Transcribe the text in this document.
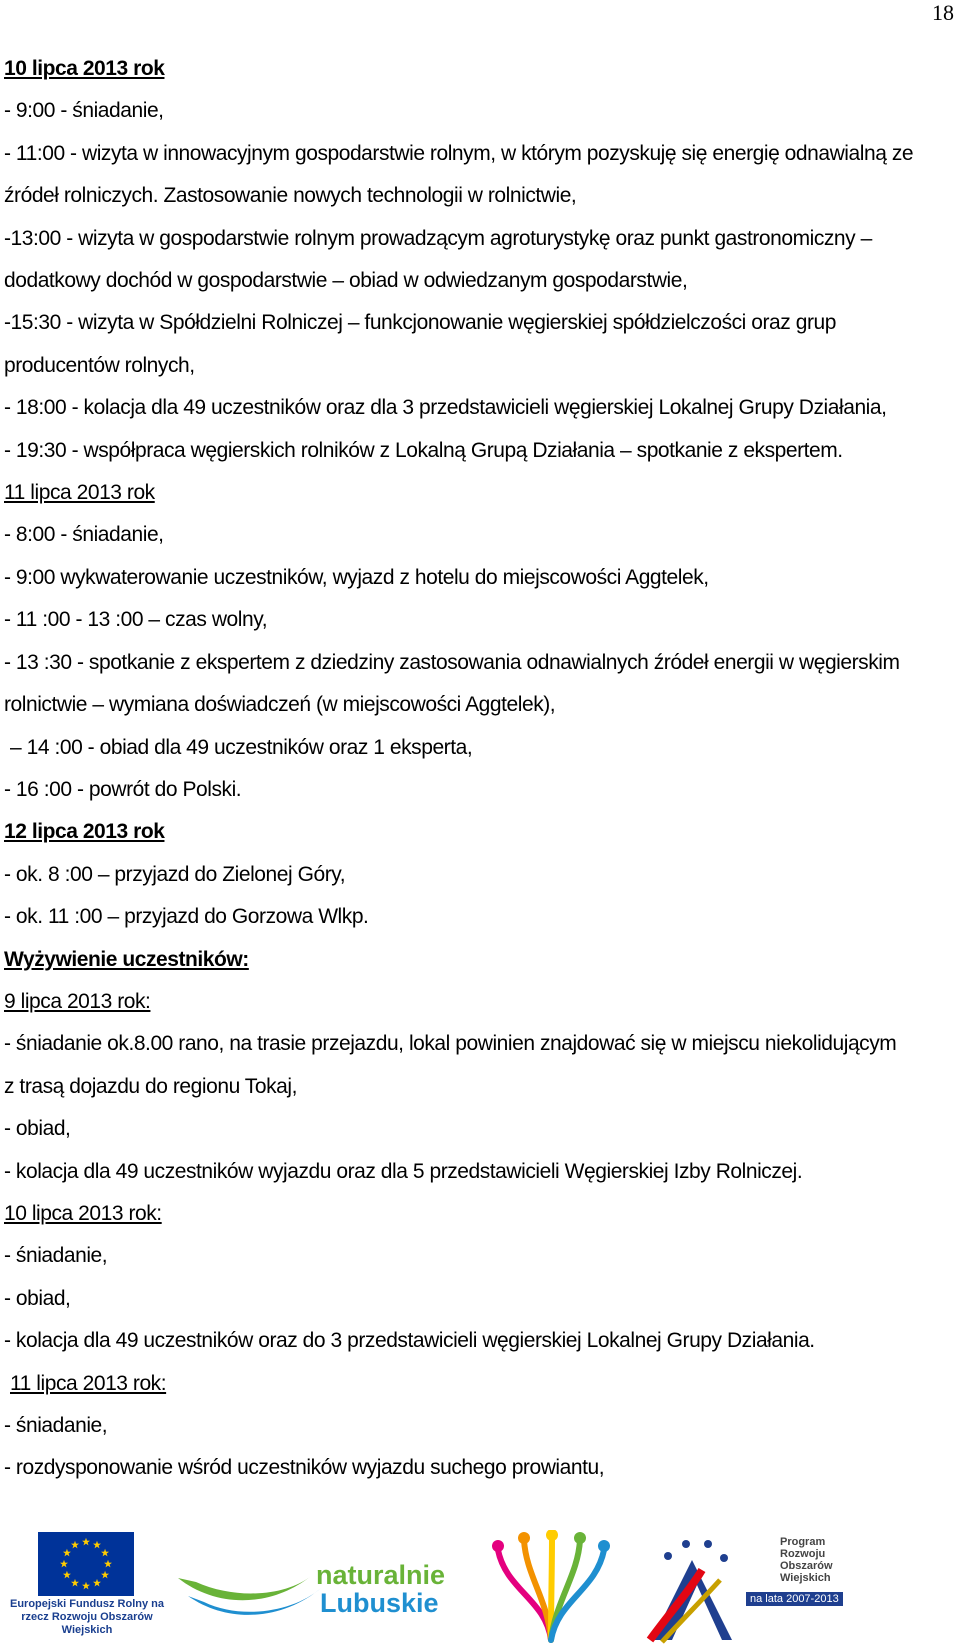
18

10 lipca 2013 rok

- 9:00 - śniadanie,

- 11:00 - wizyta w innowacyjnym gospodarstwie rolnym, w którym pozyskuję się energię odnawialną ze

źródeł rolniczych. Zastosowanie nowych technologii w rolnictwie,

-13:00 - wizyta w gospodarstwie rolnym prowadzącym agroturystykę oraz punkt gastronomiczny –

dodatkowy dochód w gospodarstwie – obiad w odwiedzanym gospodarstwie,

-15:30 - wizyta w Spółdzielni Rolniczej – funkcjonowanie węgierskiej spółdzielczości oraz grup

producentów rolnych,

- 18:00 - kolacja dla 49 uczestników oraz dla 3 przedstawicieli węgierskiej Lokalnej Grupy Działania,

- 19:30 - współpraca węgierskich rolników z Lokalną Grupą Działania – spotkanie z ekspertem.

11 lipca 2013 rok

- 8:00 - śniadanie,

- 9:00 wykwaterowanie uczestników, wyjazd z hotelu do miejscowości Aggtelek,

- 11 :00 - 13 :00 – czas wolny,

- 13 :30 - spotkanie z ekspertem z dziedziny zastosowania odnawialnych źródeł energii w węgierskim

rolnictwie – wymiana doświadczeń (w miejscowości Aggtelek),

– 14 :00 - obiad dla 49 uczestników oraz 1 eksperta,

- 16 :00 - powrót do Polski.

12 lipca 2013 rok

- ok. 8 :00 – przyjazd do Zielonej Góry,

- ok. 11 :00 – przyjazd do Gorzowa Wlkp.

Wyżywienie uczestników:

9 lipca 2013 rok:

- śniadanie ok.8.00 rano, na trasie przejazdu, lokal powinien znajdować się w miejscu niekolidującym

z trasą dojazdu do regionu Tokaj,

- obiad,

- kolacja dla 49 uczestników wyjazdu oraz dla 5 przedstawicieli Węgierskiej Izby Rolniczej.

10 lipca 2013 rok:

- śniadanie,

- obiad,

- kolacja dla 49 uczestników oraz do 3 przedstawicieli węgierskiej Lokalnej Grupy Działania.

11 lipca 2013 rok:

- śniadanie,

- rozdysponowanie wśród uczestników wyjazdu suchego prowiantu,

Europejski Fundusz Rolny na rzecz Rozwoju Obszarów Wiejskich
naturalnie
Lubuskie
Program
Rozwoju
Obszarów
Wiejskich
na lata 2007-2013
